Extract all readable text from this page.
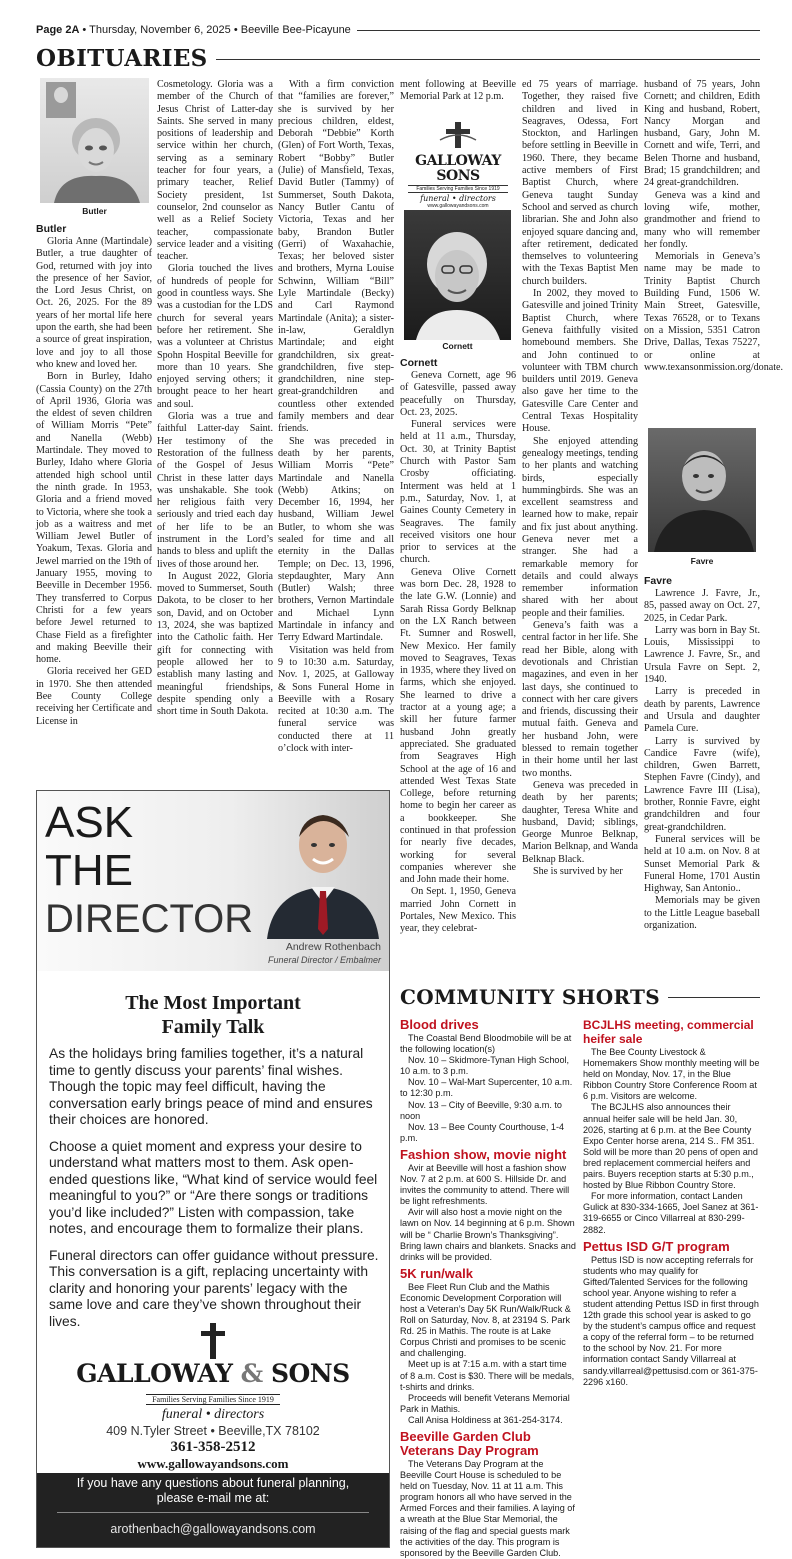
Page 2A • Thursday, November 6, 2025 • Beeville Bee-Picayune
OBITUARIES
Butler
Butler

Gloria Anne (Martindale) Butler, a true daughter of God, returned with joy into the presence of her Savior, the Lord Jesus Christ, on Oct. 26, 2025. For the 89 years of her mortal life here upon the earth, she had been a source of great inspiration, love and joy to all those who knew and loved her.

Born in Burley, Idaho (Cassia County) on the 27th of April 1936, Gloria was the eldest of seven children of William Morris “Pete” and Nanella (Webb) Martindale. They moved to Burley, Idaho where Gloria attended high school until the ninth grade. In 1953, Gloria and a friend moved to Victoria, where she took a job as a waitress and met William Jewel Butler of Yoakum, Texas. Gloria and Jewel married on the 19th of January 1955, moving to Beeville in December 1956. They transferred to Corpus Christi for a few years before Jewel returned to Chase Field as a firefighter and making Beeville their home.

Gloria received her GED in 1970. She then attended Bee County College receiving her Certificate and License in

Cosmetology. Gloria was a member of the Church of Jesus Christ of Latter-day Saints. She served in many positions of leadership and service within her church, serving as a seminary teacher for four years, a primary teacher, Relief Society president, 1st counselor, 2nd counselor as well as a Relief Society teacher, compassionate service leader and a visiting teacher.

Gloria touched the lives of hundreds of people for good in countless ways. She was a custodian for the LDS church for several years before her retirement. She was a volunteer at Christus Spohn Hospital Beeville for more than 10 years. She enjoyed serving others; it brought peace to her heart and soul.

Gloria was a true and faithful Latter-day Saint. Her testimony of the Restoration of the fullness of the Gospel of Jesus Christ in these latter days was unshakable. She took her religious faith very seriously and tried each day of her life to be an instrument in the Lord’s hands to bless and uplift the lives of those around her.

In August 2022, Gloria moved to Summerset, South Dakota, to be closer to her son, David, and on October 13, 2024, she was baptized into the Catholic faith. Her gift for connecting with people allowed her to establish many lasting and meaningful friendships, despite spending only a short time in South Dakota.

With a firm conviction that “families are forever,” she is survived by her precious children, eldest, Deborah “Debbie” Korth (Glen) of Fort Worth, Texas, Robert “Bobby” Butler (Julie) of Mansfield, Texas, David Butler (Tammy) of Summerset, South Dakota, Nancy Butler Cantu of Victoria, Texas and her baby, Brandon Butler (Gerri) of Waxahachie, Texas; her beloved sister and brothers, Myrna Louise Schwinn, William “Bill” Lyle Martindale (Becky) and Carl Raymond Martindale (Anita); a sister-in-law, Geraldlyn Martindale; and eight grandchildren, six great-grandchildren, five step-grandchildren, nine step-great-grandchildren and countless other extended family members and dear friends.

She was preceded in death by her parents, William Morris “Pete” Martindale and Nanella (Webb) Atkins; on December 16, 1994, her husband, William Jewel Butler, to whom she was sealed for time and all eternity in the Dallas Temple; on Dec. 13, 1996, stepdaughter, Mary Ann (Butler) Walsh; three brothers, Vernon Martindale and Michael Lynn Martindale in infancy and Terry Edward Martindale.

Visitation was held from 9 to 10:30 a.m. Saturday, Nov. 1, 2025, at Galloway & Sons Funeral Home in Beeville with a Rosary recited at 10:30 a.m. The funeral service was conducted there at 11 o’clock with inter-

ment following at Beeville Memorial Park at 12 p.m.

GALLOWAY SONS
Families Serving Families Since 1919
funeral • directors
www.gallowayandsons.com
Cornett
Cornett

Geneva Cornett, age 96 of Gatesville, passed away peacefully on Thursday, Oct. 23, 2025.

Funeral services were held at 11 a.m., Thursday, Oct. 30, at Trinity Baptist Church with Pastor Sam Crosby officiating. Interment was held at 1 p.m., Saturday, Nov. 1, at Gaines County Cemetery in Seagraves. The family received visitors one hour prior to services at the church.

Geneva Olive Cornett was born Dec. 28, 1928 to the late G.W. (Lonnie) and Sarah Rissa Gordy Belknap on the LX Ranch between Ft. Sumner and Roswell, New Mexico. Her family moved to Seagraves, Texas in 1935, where they lived on farms, which she enjoyed. She learned to drive a tractor at a young age; a skill her future farmer husband John greatly appreciated. She graduated from Seagraves High School at the age of 16 and attended West Texas State College, before returning home to begin her career as a bookkeeper. She continued in that profession for nearly five decades, working for several companies wherever she and John made their home.

On Sept. 1, 1950, Geneva married John Cornett in Portales, New Mexico. This year, they celebrat-

ed 75 years of marriage. Together, they raised five children and lived in Seagraves, Odessa, Fort Stockton, and Harlingen before settling in Beeville in 1960. There, they became active members of First Baptist Church, where Geneva taught Sunday School and served as church librarian. She and John also enjoyed square dancing and, after retirement, dedicated themselves to volunteering with the Texas Baptist Men church builders.

In 2002, they moved to Gatesville and joined Trinity Baptist Church, where Geneva faithfully visited homebound members. She and John continued to volunteer with TBM church builders until 2019. Geneva also gave her time to the Gatesville Care Center and Central Texas Hospitality House.

She enjoyed attending genealogy meetings, tending to her plants and watching birds, especially hummingbirds. She was an excellent seamstress and learned how to make, repair and fix just about anything. Geneva never met a stranger. She had a remarkable memory for details and could always remember information shared with her about people and their families.

Geneva’s faith was a central factor in her life. She read her Bible, along with devotionals and Christian magazines, and even in her last days, she continued to connect with her care givers and friends, discussing their mutual faith. Geneva and her husband John, were blessed to remain together in their home until her last two months.

Geneva was preceded in death by her parents; daughter, Teresa White and husband, David; siblings, George Munroe Belknap, Marion Belknap, and Wanda Belknap Black.

She is survived by her

husband of 75 years, John Cornett; and children, Edith King and husband, Robert, Nancy Morgan and husband, Gary, John M. Cornett and wife, Terri, and Belen Thorne and husband, Brad; 15 grandchildren; and 24 great-grandchildren.

Geneva was a kind and loving wife, mother, grandmother and friend to many who will remember her fondly.

Memorials in Geneva’s name may be made to Trinity Baptist Church Building Fund, 1506 W. Main Street, Gatesville, Texas 76528, or to Texans on a Mission, 5351 Catron Drive, Dallas, Texas 75227, or online at www.texansonmission.org/donate.

Favre
Favre

Lawrence J. Favre, Jr., 85, passed away on Oct. 27, 2025, in Cedar Park.

Larry was born in Bay St. Louis, Mississippi to Lawrence J. Favre, Sr., and Ursula Favre on Sept. 2, 1940.

Larry is preceded in death by parents, Lawrence and Ursula and daughter Pamela Cure.

Larry is survived by Candice Favre (wife), children, Gwen Barrett, Stephen Favre (Cindy), and Lawrence Favre III (Lisa), brother, Ronnie Favre, eight grandchildren and four great-grandchildren.

Funeral services will be held at 10 a.m. on Nov. 8 at Sunset Memorial Park & Funeral Home, 1701 Austin Highway, San Antonio..

Memorials may be given to the Little League baseball organization.

ASK
THE
DIRECTOR
Andrew Rothenbach
Funeral Director / Embalmer
The Most Important
Family Talk

As the holidays bring families together, it’s a natural time to gently discuss your parents’ final wishes. Though the topic may feel difficult, having the conversation early brings peace of mind and ensures their choices are honored.

Choose a quiet moment and express your desire to understand what matters most to them. Ask open-ended questions like, “What kind of service would feel meaningful to you?” or “Are there songs or traditions you’d like included?” Listen with compassion, take notes, and encourage them to formalize their plans.

Funeral directors can offer guidance without pressure. This conversation is a gift, replacing uncertainty with clarity and honoring your parents’ legacy with the same love and care they’ve shown throughout their lives.

GALLOWAY & SONS
Families Serving Families Since 1919
funeral • directors
409 N.Tyler Street • Beeville,TX 78102
361-358-2512
www.gallowayandsons.com
If you have any questions about funeral planning, please e-mail me at:
arothenbach@gallowayandsons.com
COMMUNITY SHORTS

Blood drives

The Coastal Bend Bloodmobile will be at the following location(s)

Nov. 10 – Skidmore-Tynan High School, 10 a.m. to 3 p.m.

Nov. 10 – Wal-Mart Supercenter, 10 a.m. to 12:30 p.m.

Nov. 13 – City of Beeville, 9:30 a.m. to noon

Nov. 13 – Bee County Courthouse, 1-4 p.m.

Fashion show, movie night

Avir at Beeville will host a fashion show Nov. 7 at 2 p.m. at 600 S. Hillside Dr. and invites the community to attend. There will be light refreshments.

Avir will also host a movie night on the lawn on Nov. 14 beginning at 6 p.m. Shown will be “ Charlie Brown’s Thanksgiving”. Bring lawn chairs and blankets. Snacks and drinks will be provided.

5K run/walk

Bee Fleet Run Club and the Mathis Economic Development Corporation will host a Veteran’s Day 5K Run/Walk/Ruck & Roll on Saturday, Nov. 8, at 23194 S. Park Rd. 25 in Mathis. The route is at Lake Corpus Christi and promises to be scenic and challenging.

Meet up is at 7:15 a.m. with a start time of 8 a.m. Cost is $30. There will be medals, t-shirts and drinks.

Proceeds will benefit Veterans Memorial Park in Mathis.

Call Anisa Holdiness at 361-254-3174.

Beeville Garden Club Veterans Day Program

The Veterans Day Program at the Beeville Court House is scheduled to be held on Tuesday, Nov. 11 at 11 a.m. This program honors all who have served in the Armed Forces and their families. A laying of a wreath at the Blue Star Memorial, the raising of the flag and special guests mark the activities of the day. This program is sponsored by the Beeville Garden Club.

BCJLHS meeting, commercial heifer sale

The Bee County Livestock & Homemakers Show monthly meeting will be held on Monday, Nov. 17, in the Blue Ribbon Country Store Conference Room at 6 p.m. Visitors are welcome.

The BCJLHS also announces their annual heifer sale will be held Jan. 30, 2026, starting at 6 p.m. at the Bee County Expo Center horse arena, 214 S.. FM 351. Sold will be more than 20 pens of open and bred replacement commercial heifers and pairs. Buyers reception starts at 5:30 p.m., hosted by Blue Ribbon Country Store.

For more information, contact Landen Gulick at 830-334-1665, Joel Sanez at 361-319-6655 or Cinco Villarreal at 830-299-2882.

Pettus ISD G/T program

Pettus ISD is now accepting referrals for students who may qualify for Gifted/Talented Services for the following school year. Anyone wishing to refer a student attending Pettus ISD in first through 12th grade this school year is asked to go by the student’s campus office and request a copy of the referral form – to be returned to the school by Nov. 21. For more information contact Sandy Villarreal at sandy.villarreal@pettusisd.com or 361-375-2296 x160.
